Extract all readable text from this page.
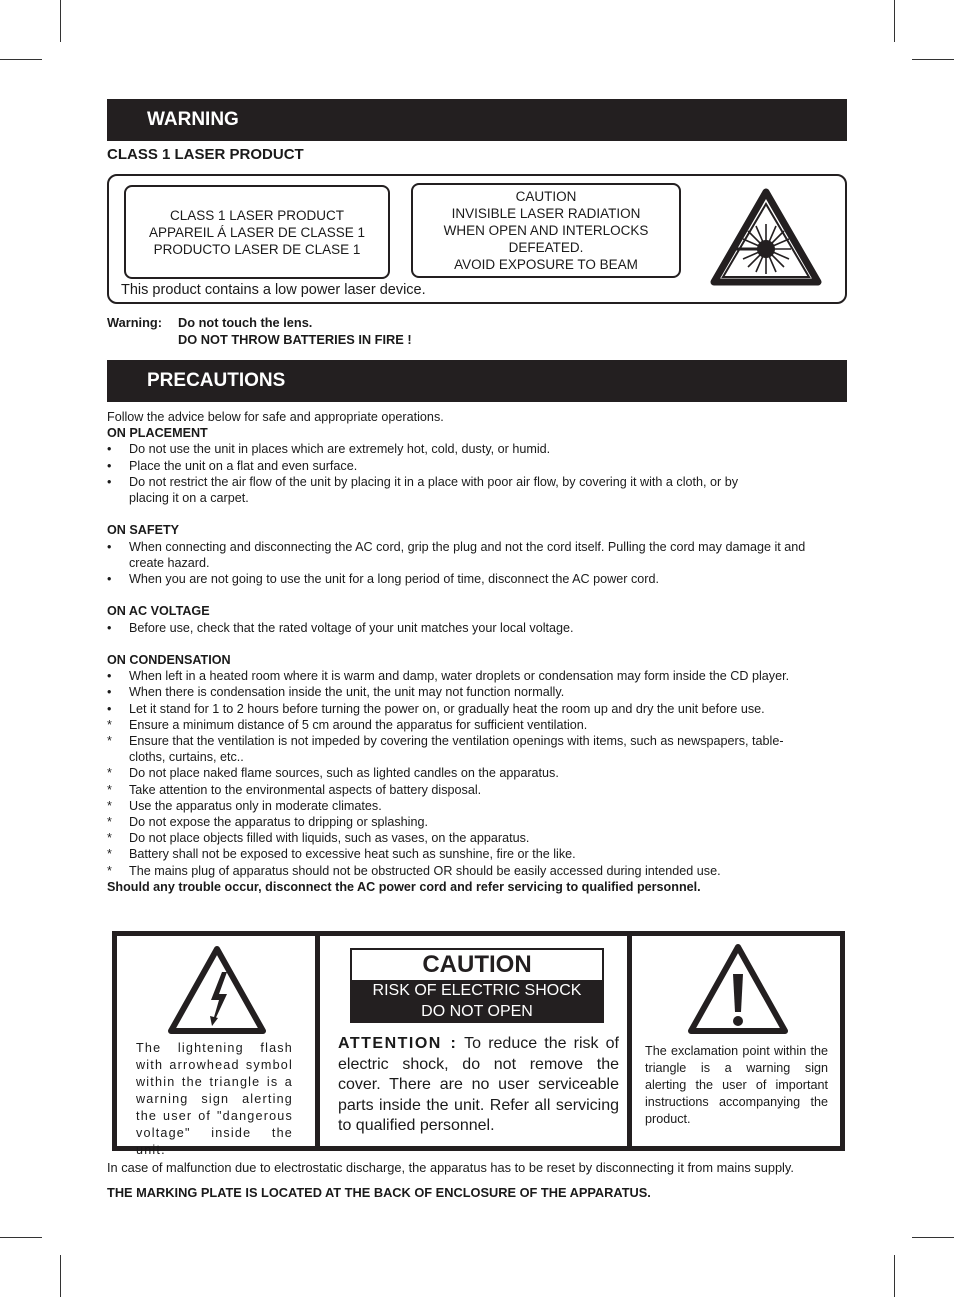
WARNING
CLASS 1 LASER PRODUCT
CLASS 1 LASER PRODUCT
APPAREIL Á LASER DE CLASSE 1
PRODUCTO LASER DE CLASE 1
CAUTION
INVISIBLE LASER RADIATION
WHEN OPEN AND INTERLOCKS
DEFEATED.
AVOID EXPOSURE TO BEAM
This product contains a low power laser device.
Warning: Do not touch the lens.
DO NOT THROW BATTERIES IN FIRE !
PRECAUTIONS
Follow the advice below for safe and appropriate operations.
ON PLACEMENT
• Do not use the unit in places which are extremely hot, cold, dusty, or humid.
• Place the unit on a flat and even surface.
• Do not restrict the air flow of the unit by placing it in a place with poor air flow, by covering it with a cloth, or by placing it on a carpet.
ON SAFETY
• When connecting and disconnecting the AC cord, grip the plug and not the cord itself. Pulling the cord may damage it and create hazard.
• When you are not going to use the unit for a long period of time, disconnect the AC power cord.
ON AC VOLTAGE
• Before use, check that the rated voltage of your unit matches your local voltage.
ON CONDENSATION
• When left in a heated room where it is warm and damp, water droplets or condensation may form inside the CD player.
• When there is condensation inside the unit, the unit may not function normally.
• Let it stand for 1 to 2 hours before turning the power on, or gradually heat the room up and dry the unit before use.
* Ensure a minimum distance of 5 cm around the apparatus for sufficient ventilation.
* Ensure that the ventilation is not impeded by covering the ventilation openings with items, such as newspapers, table-cloths, curtains, etc..
* Do not place naked flame sources, such as lighted candles on the apparatus.
* Take attention to the environmental aspects of battery disposal.
* Use the apparatus only in moderate climates.
* Do not expose the apparatus to dripping or splashing.
* Do not place objects filled with liquids, such as vases, on the apparatus.
* Battery shall not be exposed to excessive heat such as sunshine, fire or the like.
* The mains plug of apparatus should not be obstructed OR should be easily accessed during intended use.
Should any trouble occur, disconnect the AC power cord and refer servicing to qualified personnel.
The lightening flash with arrowhead symbol within the triangle is a warning sign alerting the user of "dangerous voltage" inside the unit.
CAUTION
RISK OF ELECTRIC SHOCK
DO NOT OPEN
ATTENTION : To reduce the risk of electric shock, do not remove the cover. There are no user serviceable parts inside the unit. Refer all servicing to qualified personnel.
The exclamation point within the triangle is a warning sign alerting the user of important instructions accompanying the product.
In case of malfunction due to electrostatic discharge, the apparatus has to be reset by disconnecting it from mains supply.
THE MARKING PLATE IS LOCATED AT THE BACK OF ENCLOSURE OF THE APPARATUS.
